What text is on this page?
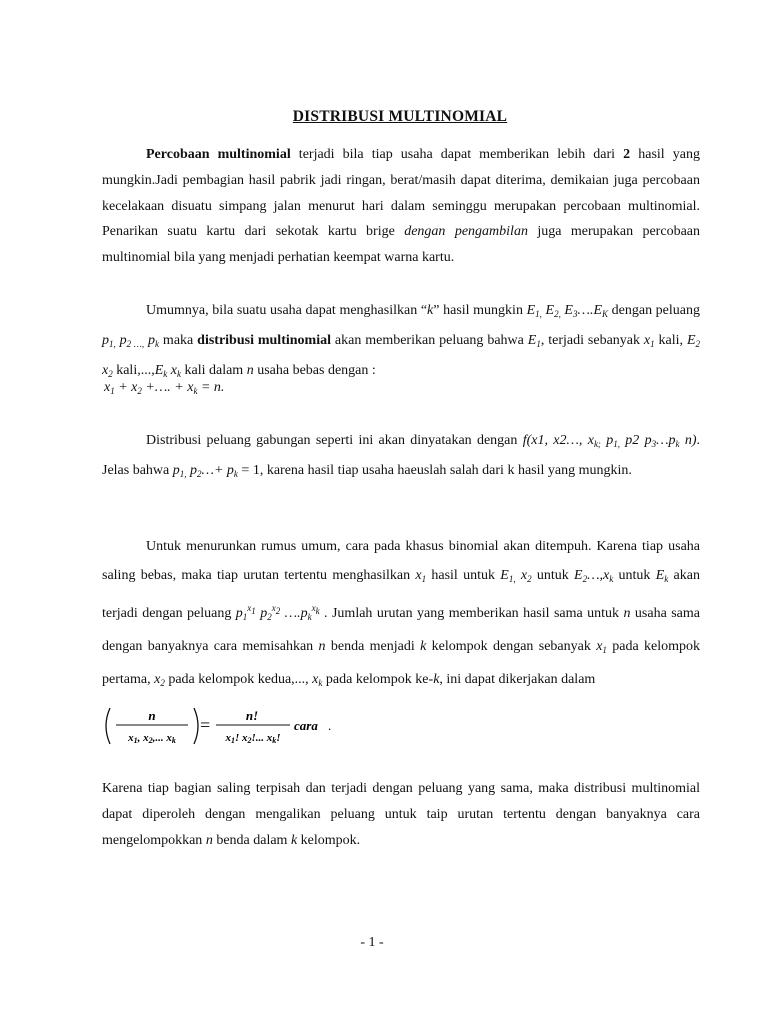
DISTRIBUSI MULTINOMIAL

Percobaan multinomial terjadi bila tiap usaha dapat memberikan lebih dari 2 hasil yang mungkin.Jadi pembagian hasil pabrik jadi ringan, berat/masih dapat diterima, demikaian juga percobaan kecelakaan disuatu simpang jalan menurut hari dalam seminggu merupakan percobaan multinomial. Penarikan suatu kartu dari sekotak kartu brige dengan pengambilan juga merupakan percobaan multinomial bila yang menjadi perhatian keempat warna kartu.

Umumnya, bila suatu usaha dapat menghasilkan “k” hasil mungkin $E_{1,}$ $E_{2,}$ $E_3\dots.E_K$ dengan peluang $p_{1,}$ $p_{2 \dots,}$ $p_k$ maka distribusi multinomial akan memberikan peluang bahwa $E_1$, terjadi sebanyak $x_1$ kali, $E_2$ $x_2$ $kali,...,E_k$ $x_k$ kali dalam n usaha bebas dengan :

$x_1 + x_2$ +…. + $x_k = n$.

Distribusi peluang gabungan seperti ini akan dinyatakan dengan f(x1, x2…, $x_{k;}$ $p_{1,}$ p2 $p_3\dots p_k$ n). Jelas bahwa $p_{1,}$ $p_2\dots+ p_k = 1$, karena hasil tiap usaha haeuslah salah dari k hasil yang mungkin.

Untuk menurunkan rumus umum, cara pada khasus binomial akan ditempuh. Karena tiap usaha saling bebas, maka tiap urutan tertentu menghasilkan $x_1$ hasil untuk $E_{1,}$ $x_2$ untuk $E_2\dots,x_k$ untuk $E_k$ akan terjadi dengan peluang $p_1^{x_1}$ $p_2^{x_2}$ $\dots.p_k^{x_k}$ . Jumlah urutan yang memberikan hasil sama untuk n usaha sama dengan banyaknya cara memisahkan n benda menjadi k kelompok dengan sebanyak $x_1$ pada kelompok pertama, $x_2$ pada kelompok kedua,..., $x_k$ pada kelompok ke-k, ini dapat dikerjakan dalam

n
x1, x2,... xk
=	n!
x1! x2!... xk!
cara .

Karena tiap bagian saling terpisah dan terjadi dengan peluang yang sama, maka distribusi multinomial dapat diperoleh dengan mengalikan peluang untuk taip urutan tertentu dengan banyaknya cara mengelompokkan n benda dalam k kelompok.

- 1 -
